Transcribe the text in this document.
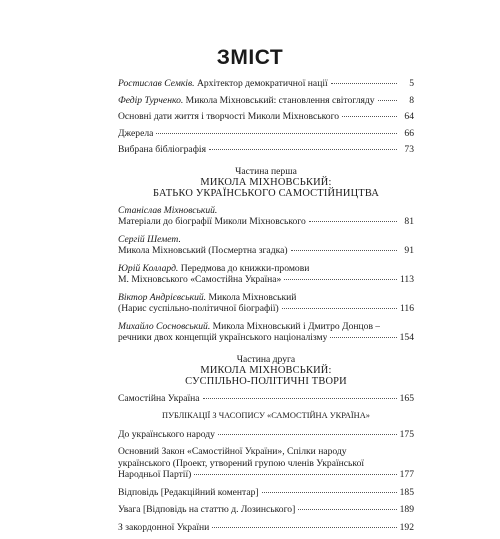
ЗМІСТ
Ростислав Семків. Архітектор демократичної нації	5
Федір Турченко. Микола Міхновський: становлення світогляду	8
Основні дати життя і творчості Миколи Міхновського	64
Джерела	66
Вибрана бібліографія	73
Частина перша
МИКОЛА МІХНОВСЬКИЙ:
БАТЬКО УКРАЇНСЬКОГО САМОСТІЙНИЦТВА
Станіслав Міхновський.
Матеріали до біографії Миколи Міхновського	81
Сергій Шемет.
Микола Міхновський (Посмертна згадка)	91
Юрій Коллард. Передмова до книжки-промови
М. Міхновського «Самостійна Україна»	113
Віктор Андрієвський. Микола Міхновський
(Нарис суспільно-політичної біографії)	116
Михайло Сосновський. Микола Міхновський і Дмитро Донцов –
речники двох концепцій українського націоналізму	154
Частина друга
МИКОЛА МІХНОВСЬКИЙ:
СУСПІЛЬНО-ПОЛІТИЧНІ ТВОРИ
Самостійна Україна	165
ПУБЛІКАЦІЇ З ЧАСОПИСУ «САМОСТІЙНА УКРАЇНА»
До українського народу	175
Основний Закон «Самостійної України», Спілки народу
українського (Проект, утворений групою членів Української
Народньої Партії)	177
Відповідь [Редакційний коментар]	185
Увага [Відповідь на статтю д. Лозинського]	189
З закордонної України	192
